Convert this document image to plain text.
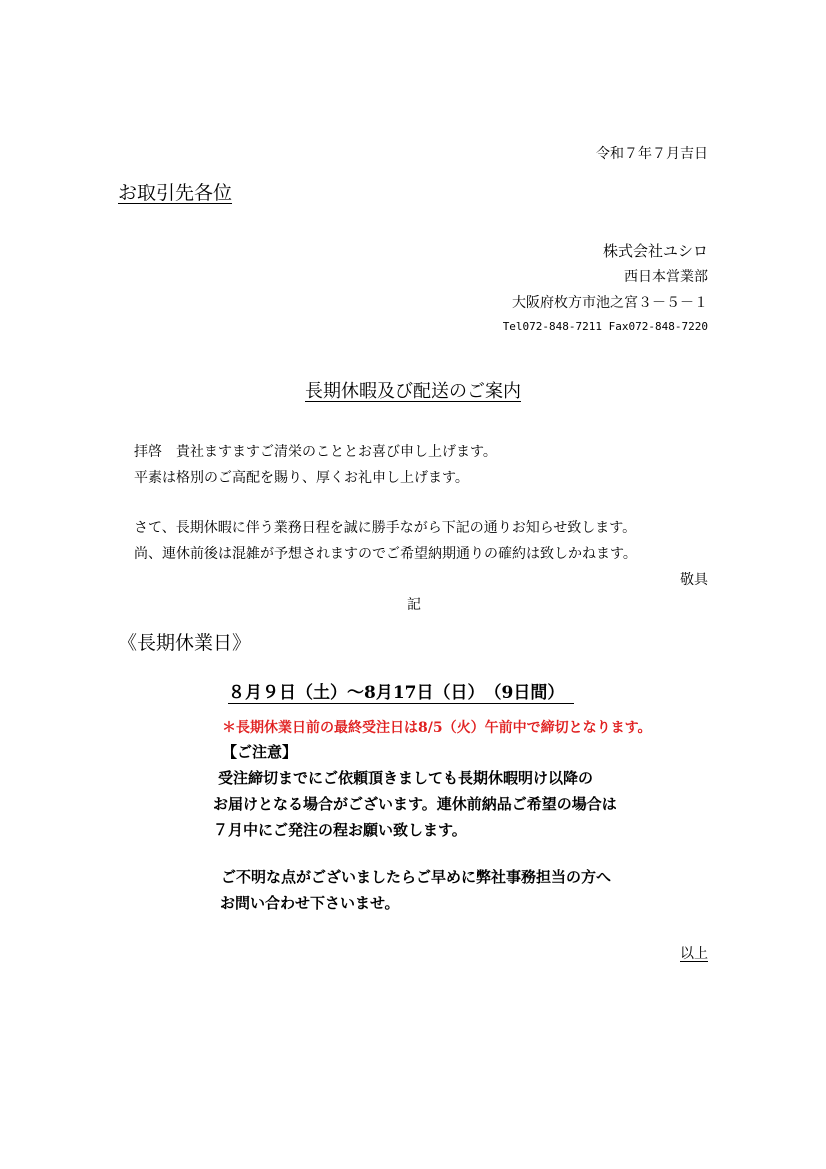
令和７年７月吉日
お取引先各位
株式会社ユシロ
西日本営業部
大阪府枚方市池之宮３－５－１
Tel072-848-7211 Fax072-848-7220
長期休暇及び配送のご案内
拝啓　貴社ますますご清栄のこととお喜び申し上げます。
平素は格別のご高配を賜り、厚くお礼申し上げます。
さて、長期休暇に伴う業務日程を誠に勝手ながら下記の通りお知らせ致します。
尚、連休前後は混雑が予想されますのでご希望納期通りの確約は致しかねます。
敬具
記
《長期休業日》
８月９日（土）～8月17日（日）　（9日間）
＊長期休業日前の最終受注日は8/5（火）午前中で締切となります。
【ご注意】
受注締切までにご依頼頂きましても長期休暇明け以降の
お届けとなる場合がございます。連休前納品ご希望の場合は
７月中にご発注の程お願い致します。
ご不明な点がございましたらご早めに弊社事務担当の方へ
お問い合わせ下さいませ。
以上
